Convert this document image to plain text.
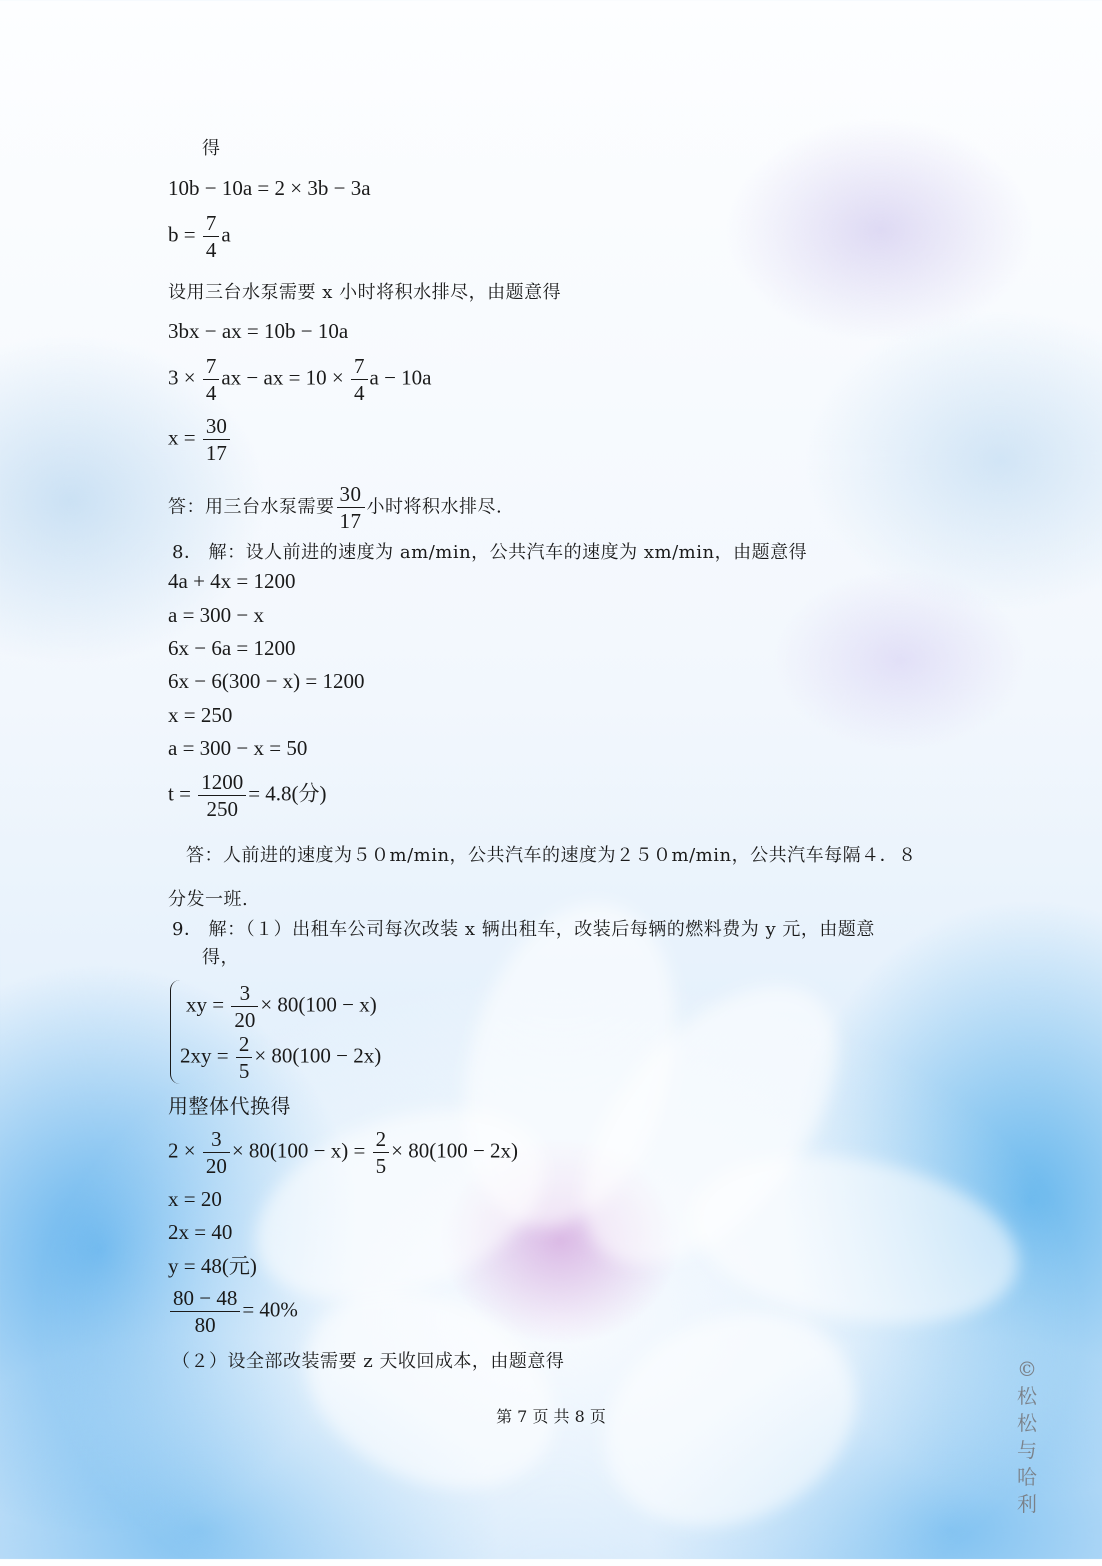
得
10b − 10a = 2 × 3b − 3a
$b = \frac{7}{4}$ a
设用三台水泵需要 x 小时将积水排尽，由题意得
3bx − ax = 10b − 10a
$3 \times \frac{7}{4}$ ax − ax = $10 \times \frac{7}{4}$ a − 10a
$x = \frac{30}{17}$
答：用三台水泵需要 $\frac{30}{17}$ 小时将积水排尽.
8． 解：设人前进的速度为 am/min，公共汽车的速度为 xm/min，由题意得
4a + 4x = 1200
a = 300 − x
6x − 6a = 1200
6x − 6(300 − x) = 1200
x = 250
a = 300 − x = 50
$t = \frac{1200}{250} = 4.8$(分)
答：人前进的速度为５０m/min，公共汽车的速度为２５０m/min，公共汽车每隔４．８
分发一班.
9． 解：（１）出租车公司每次改装 x 辆出租车，改装后每辆的燃料费为 y 元，由题意
得，
xy = $\frac{3}{20} \times 80(100 - x)$
$2xy = \frac{2}{5} \times 80(100 - 2x)$
用整体代换得
$2 \times \frac{3}{20} \times 80(100 - x) = \frac{2}{5} \times 80(100 - 2x)$
x = 20
2x = 40
y = 48(元)
$\frac{80 - 48}{80} = 40\%$
（２）设全部改装需要 z 天收回成本，由题意得
第 7 页 共 8 页
©
松
松
与
哈
利
